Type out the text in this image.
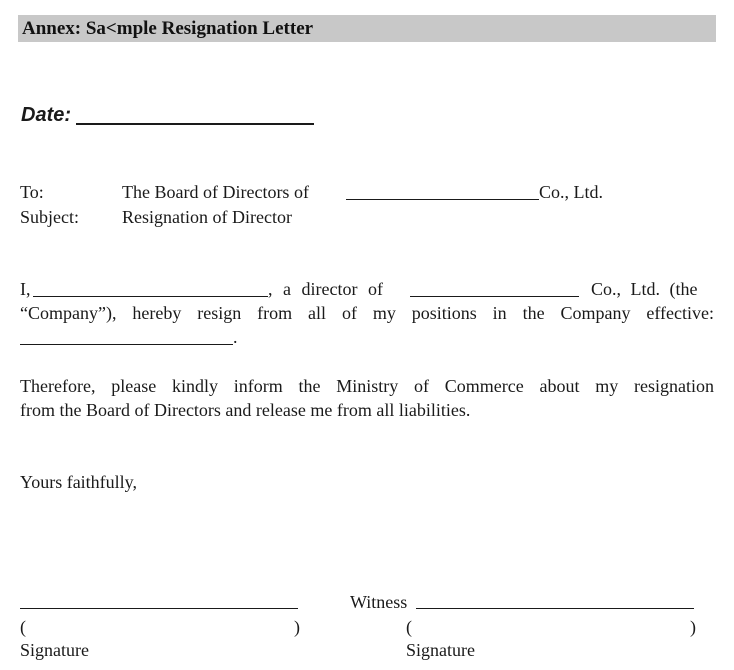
Annex: Sa<mple Resignation Letter
Date:
To:	The Board of Directors of	Co., Ltd.
Subject: Resignation of Director
I,	, a director of	Co., Ltd. (the
“Company”), hereby resign from all of my positions in the Company effective:
.
Therefore, please kindly inform the Ministry of Commerce about my resignation
from the Board of Directors and release me from all liabilities.
Yours faithfully,
(	)
Signature
Witness
(	)
Signature
